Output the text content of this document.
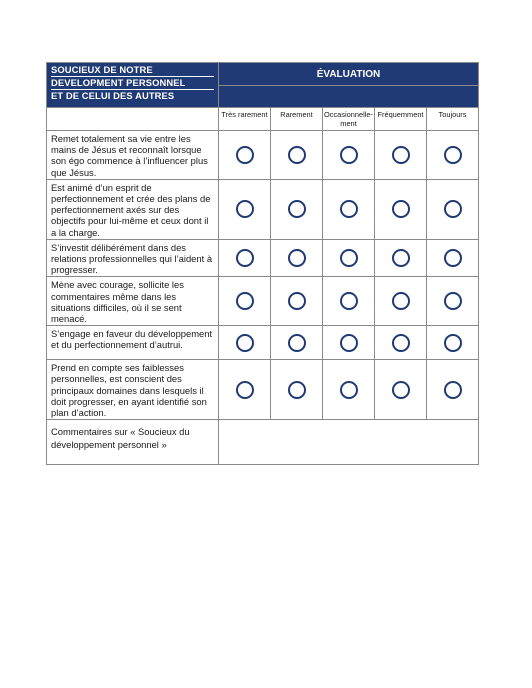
SOUCIEUX DE NOTRE
DEVELOPMENT PERSONNEL
ET DE CELUI DES AUTRES	ÉVALUATION				

	Très rarement	Rarement	Occasionnelle-ment	Fréquemment	Toujours
Remet totalement sa vie entre les mains de Jésus et reconnaît lorsque son égo commence à l’influencer plus que Jésus.					
Est animé d’un esprit de perfectionnement et crée des plans de perfectionnement axés sur des objectifs pour lui-même et ceux dont il a la charge.					
S’investit délibérément dans des relations professionnelles qui l’aident à progresser.					
Mène avec courage, sollicite les commentaires même dans les situations difficiles, où il se sent menacé.					
S’engage en faveur du développement et du perfectionnement d’autrui.					
Prend en compte ses faiblesses personnelles, est conscient des principaux domaines dans lesquels il doit progresser, en ayant identifié son plan d’action.					
Commentaires sur « Soucieux du développement personnel »					
